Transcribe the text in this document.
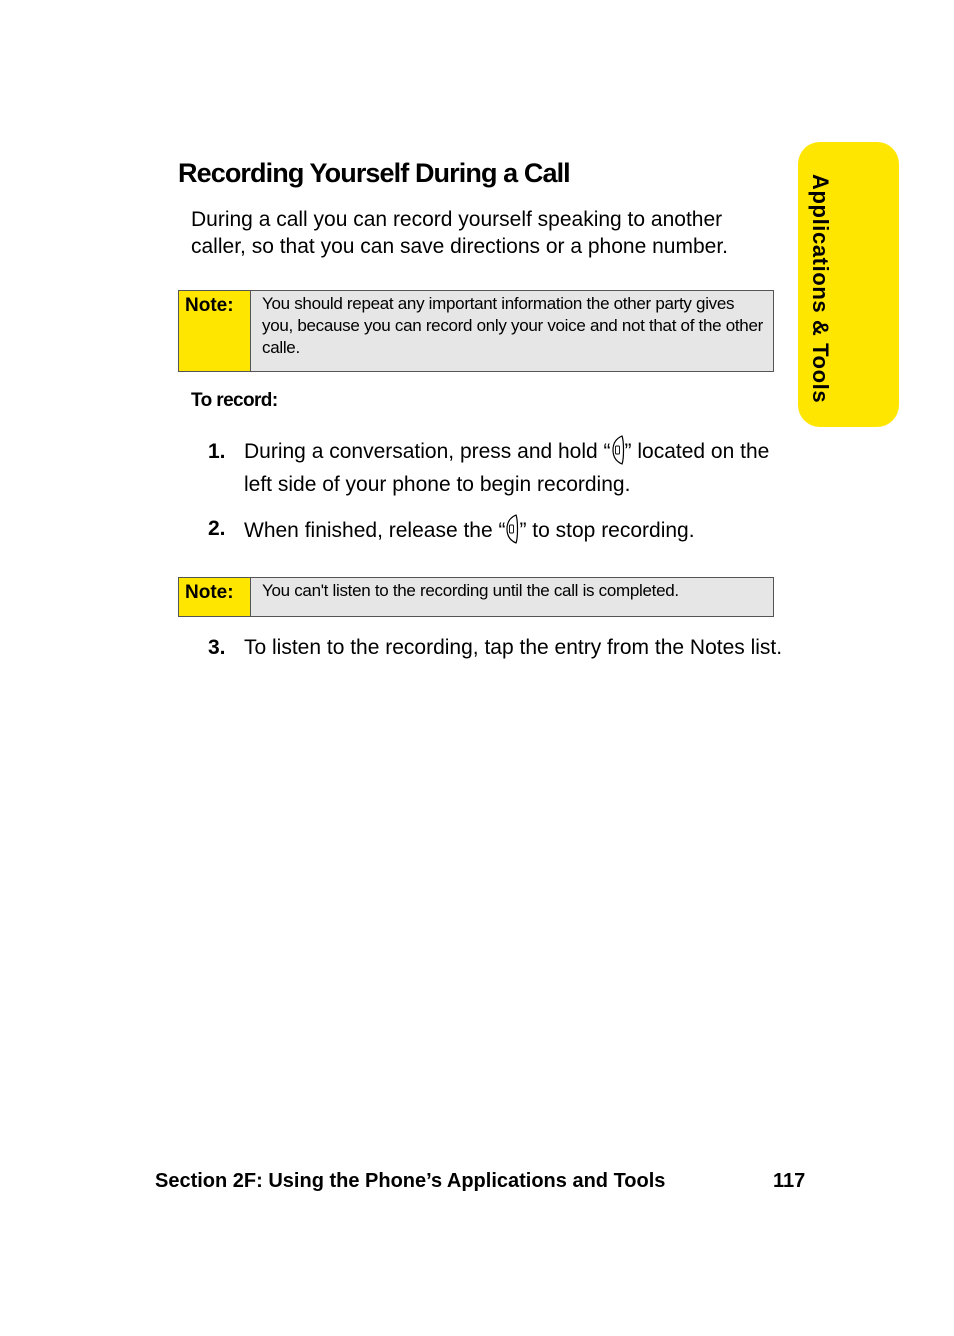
Recording Yourself During a Call
During a call you can record yourself speaking to another caller, so that you can save directions or a phone number.
Note:	You should repeat any important information the other party gives you, because you can record only your voice and not that of the other calle.
To record:
1. During a conversation, press and hold “ ” located on the left side of your phone to begin recording.
2. When finished, release the “ ” to stop recording.
Note:	You can't listen to the recording until the call is completed.
3. To listen to the recording, tap the entry from the Notes list.
Applications & Tools
Section 2F: Using the Phone’s Applications and Tools	117
